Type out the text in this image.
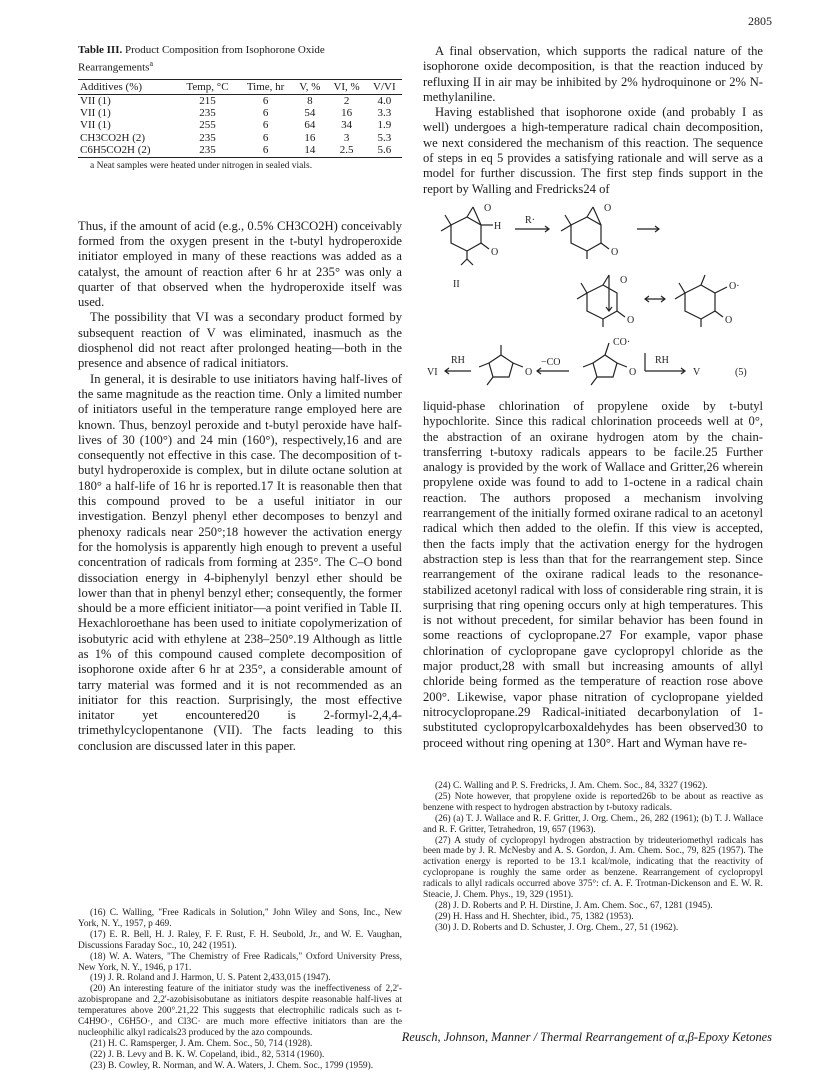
2805
Table III. Product Composition from Isophorone Oxide Rearrangements$^a$
Additives (%)	Temp, °C	Time, hr	V, %	VI, %	V/VI
VII (1)	215	6	8	2	4.0
VII (1)	235	6	54	16	3.3
VII (1)	255	6	64	34	1.9
CH3CO2H (2)	235	6	16	3	5.3
C6H5CO2H (2)	235	6	14	2.5	5.6
a Neat samples were heated under nitrogen in sealed vials.

Thus, if the amount of acid (e.g., 0.5% CH3CO2H) conceivably formed from the oxygen present in the t-butyl hydroperoxide initiator employed in many of these reactions was added as a catalyst, the amount of reaction after 6 hr at 235° was only a quarter of that observed when the hydroperoxide itself was used.

The possibility that VI was a secondary product formed by subsequent reaction of V was eliminated, inasmuch as the diosphenol did not react after prolonged heating—both in the presence and absence of radical initiators.

In general, it is desirable to use initiators having half-lives of the same magnitude as the reaction time. Only a limited number of initiators useful in the temperature range employed here are known. Thus, benzoyl peroxide and t-butyl peroxide have half-lives of 30 (100°) and 24 min (160°), respectively,16 and are consequently not effective in this case. The decomposition of t-butyl hydroperoxide is complex, but in dilute octane solution at 180° a half-life of 16 hr is reported.17 It is reasonable then that this compound proved to be a useful initiator in our investigation. Benzyl phenyl ether decomposes to benzyl and phenoxy radicals near 250°;18 however the activation energy for the homolysis is apparently high enough to prevent a useful concentration of radicals from forming at 235°. The C–O bond dissociation energy in 4-biphenylyl benzyl ether should be lower than that in phenyl benzyl ether; consequently, the former should be a more efficient initiator—a point verified in Table II. Hexachloroethane has been used to initiate copolymerization of isobutyric acid with ethylene at 238–250°.19 Although as little as 1% of this compound caused complete decomposition of isophorone oxide after 6 hr at 235°, a considerable amount of tarry material was formed and it is not recommended as an initiator for this reaction. Surprisingly, the most effective initator yet encountered20 is 2-formyl-2,4,4-trimethylcyclopentanone (VII). The facts leading to this conclusion are discussed later in this paper.

A final observation, which supports the radical nature of the isophorone oxide decomposition, is that the reaction induced by refluxing II in air may be inhibited by 2% hydroquinone or 2% N-methylaniline.

Having established that isophorone oxide (and probably I as well) undergoes a high-temperature radical chain decomposition, we next considered the mechanism of this reaction. The sequence of steps in eq 5 provides a satisfying rationale and will serve as a model for further discussion. The first step finds support in the report by Walling and Fredricks24 of

H
O
O
II
R·
O
O
O
O
O·
O
VI
RH
O
−CO
CO·
O
RH
V	(5)

liquid-phase chlorination of propylene oxide by t-butyl hypochlorite. Since this radical chlorination proceeds well at 0°, the abstraction of an oxirane hydrogen atom by the chain-transferring t-butoxy radicals appears to be facile.25 Further analogy is provided by the work of Wallace and Gritter,26 wherein propylene oxide was found to add to 1-octene in a radical chain reaction. The authors proposed a mechanism involving rearrangement of the initially formed oxirane radical to an acetonyl radical which then added to the olefin. If this view is accepted, then the facts imply that the activation energy for the hydrogen abstraction step is less than that for the rearrangement step. Since rearrangement of the oxirane radical leads to the resonance-stabilized acetonyl radical with loss of considerable ring strain, it is surprising that ring opening occurs only at high temperatures. This is not without precedent, for similar behavior has been found in some reactions of cyclopropane.27 For example, vapor phase chlorination of cyclopropane gave cyclopropyl chloride as the major product,28 with small but increasing amounts of allyl chloride being formed as the temperature of reaction rose above 200°. Likewise, vapor phase nitration of cyclopropane yielded nitrocyclopropane.29 Radical-initiated decarbonylation of 1-substituted cyclopropylcarboxaldehydes has been observed30 to proceed without ring opening at 130°. Hart and Wyman have re-

(16) C. Walling, "Free Radicals in Solution," John Wiley and Sons, Inc., New York, N. Y., 1957, p 469.

(17) E. R. Bell, H. J. Raley, F. F. Rust, F. H. Seubold, Jr., and W. E. Vaughan, Discussions Faraday Soc., 10, 242 (1951).

(18) W. A. Waters, "The Chemistry of Free Radicals," Oxford University Press, New York, N. Y., 1946, p 171.

(19) J. R. Roland and J. Harmon, U. S. Patent 2,433,015 (1947).

(20) An interesting feature of the initiator study was the ineffectiveness of 2,2'-azobispropane and 2,2'-azobisisobutane as initiators despite reasonable half-lives at temperatures above 200°.21,22 This suggests that electrophilic radicals such as t-C4H9O·, C6H5O·, and Cl3C· are much more effective initiators than are the nucleophilic alkyl radicals23 produced by the azo compounds.

(21) H. C. Ramsperger, J. Am. Chem. Soc., 50, 714 (1928).

(22) J. B. Levy and B. K. W. Copeland, ibid., 82, 5314 (1960).

(23) B. Cowley, R. Norman, and W. A. Waters, J. Chem. Soc., 1799 (1959).

(24) C. Walling and P. S. Fredricks, J. Am. Chem. Soc., 84, 3327 (1962).

(25) Note however, that propylene oxide is reported26b to be about as reactive as benzene with respect to hydrogen abstraction by t-butoxy radicals.

(26) (a) T. J. Wallace and R. F. Gritter, J. Org. Chem., 26, 282 (1961); (b) T. J. Wallace and R. F. Gritter, Tetrahedron, 19, 657 (1963).

(27) A study of cyclopropyl hydrogen abstraction by trideuteriomethyl radicals has been made by J. R. McNesby and A. S. Gordon, J. Am. Chem. Soc., 79, 825 (1957). The activation energy is reported to be 13.1 kcal/mole, indicating that the reactivity of cyclopropane is roughly the same order as benzene. Rearrangement of cyclopropyl radicals to allyl radicals occurred above 375°: cf. A. F. Trotman-Dickenson and E. W. R. Steacie, J. Chem. Phys., 19, 329 (1951).

(28) J. D. Roberts and P. H. Dirstine, J. Am. Chem. Soc., 67, 1281 (1945).

(29) H. Hass and H. Shechter, ibid., 75, 1382 (1953).

(30) J. D. Roberts and D. Schuster, J. Org. Chem., 27, 51 (1962).

Reusch, Johnson, Manner / Thermal Rearrangement of α,β-Epoxy Ketones
